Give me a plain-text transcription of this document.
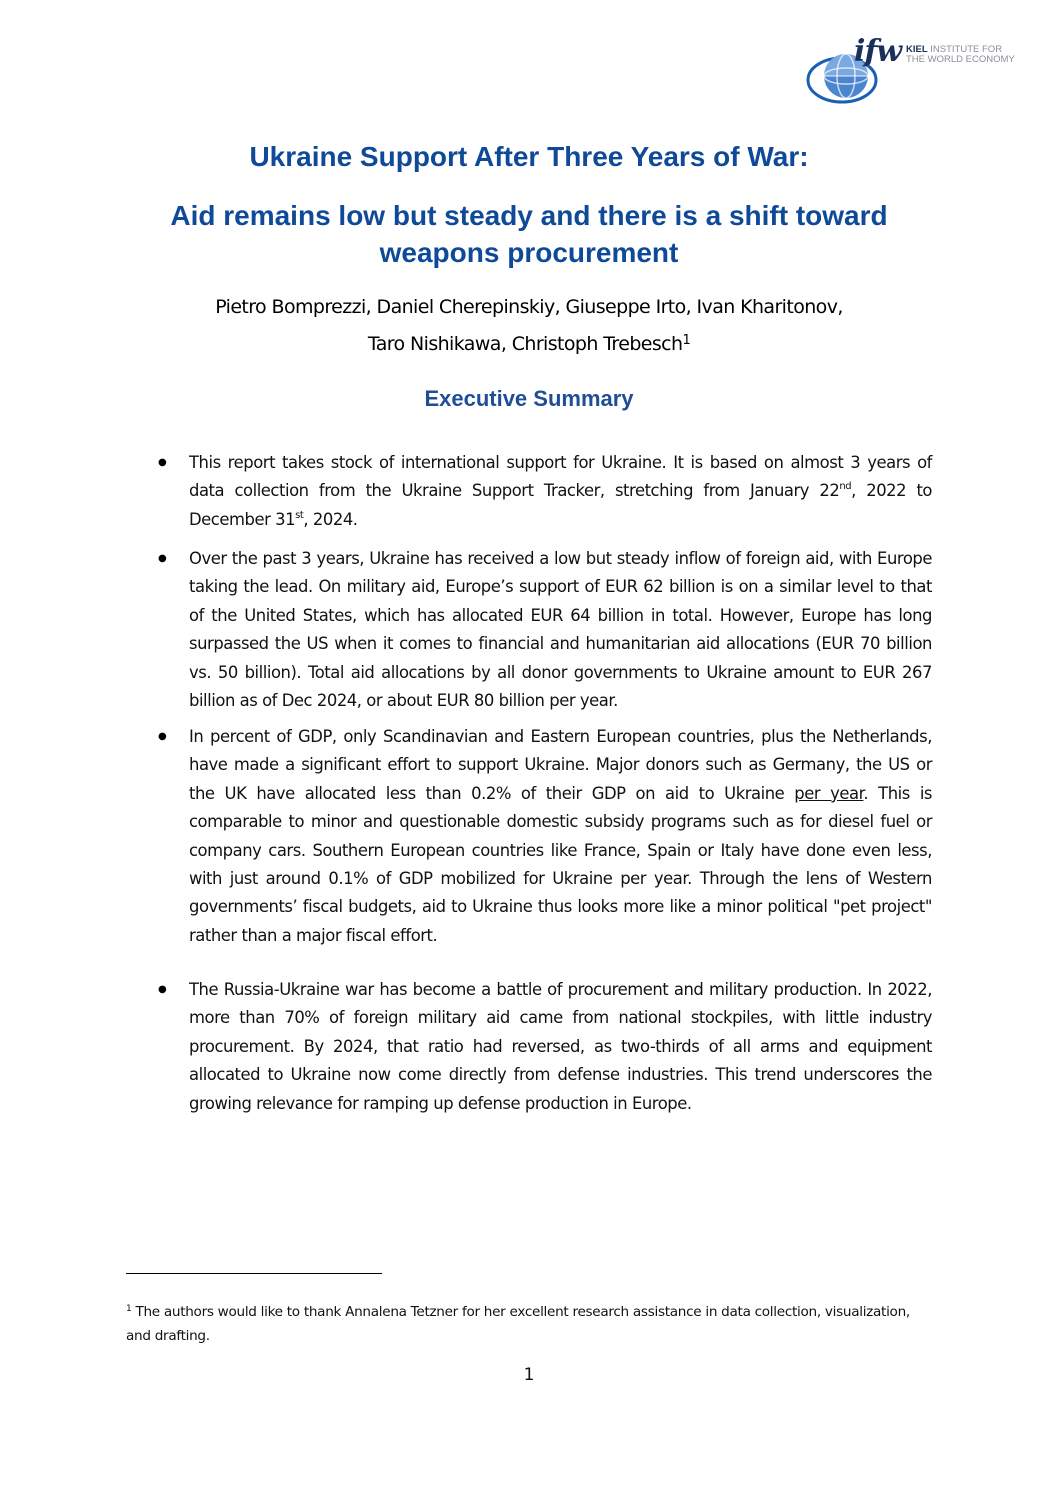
ifw KIEL INSTITUTE FOR
THE WORLD ECONOMY
Ukraine Support After Three Years of War:
Aid remains low but steady and there is a shift toward weapons procurement
Pietro Bomprezzi, Daniel Cherepinskiy, Giuseppe Irto, Ivan Kharitonov,
Taro Nishikawa, Christoph Trebesch$^1$
Executive Summary
● This report takes stock of international support for Ukraine. It is based on almost 3 years of data collection from the Ukraine Support Tracker, stretching from January 22nd, 2022 to December 31st, 2024.
● Over the past 3 years, Ukraine has received a low but steady inflow of foreign aid, with Europe taking the lead. On military aid, Europe’s support of EUR 62 billion is on a similar level to that of the United States, which has allocated EUR 64 billion in total. However, Europe has long surpassed the US when it comes to financial and humanitarian aid allocations (EUR 70 billion vs. 50 billion). Total aid allocations by all donor governments to Ukraine amount to EUR 267 billion as of Dec 2024, or about EUR 80 billion per year.
● In percent of GDP, only Scandinavian and Eastern European countries, plus the Netherlands, have made a significant effort to support Ukraine. Major donors such as Germany, the US or the UK have allocated less than 0.2% of their GDP on aid to Ukraine per year. This is comparable to minor and questionable domestic subsidy programs such as for diesel fuel or company cars. Southern European countries like France, Spain or Italy have done even less, with just around 0.1% of GDP mobilized for Ukraine per year. Through the lens of Western governments’ fiscal budgets, aid to Ukraine thus looks more like a minor political "pet project" rather than a major fiscal effort.
● The Russia-Ukraine war has become a battle of procurement and military production. In 2022, more than 70% of foreign military aid came from national stockpiles, with little industry procurement. By 2024, that ratio had reversed, as two-thirds of all arms and equipment allocated to Ukraine now come directly from defense industries. This trend underscores the growing relevance for ramping up defense production in Europe.
$^1$ The authors would like to thank Annalena Tetzner for her excellent research assistance in data collection, visualization, and drafting.
1
